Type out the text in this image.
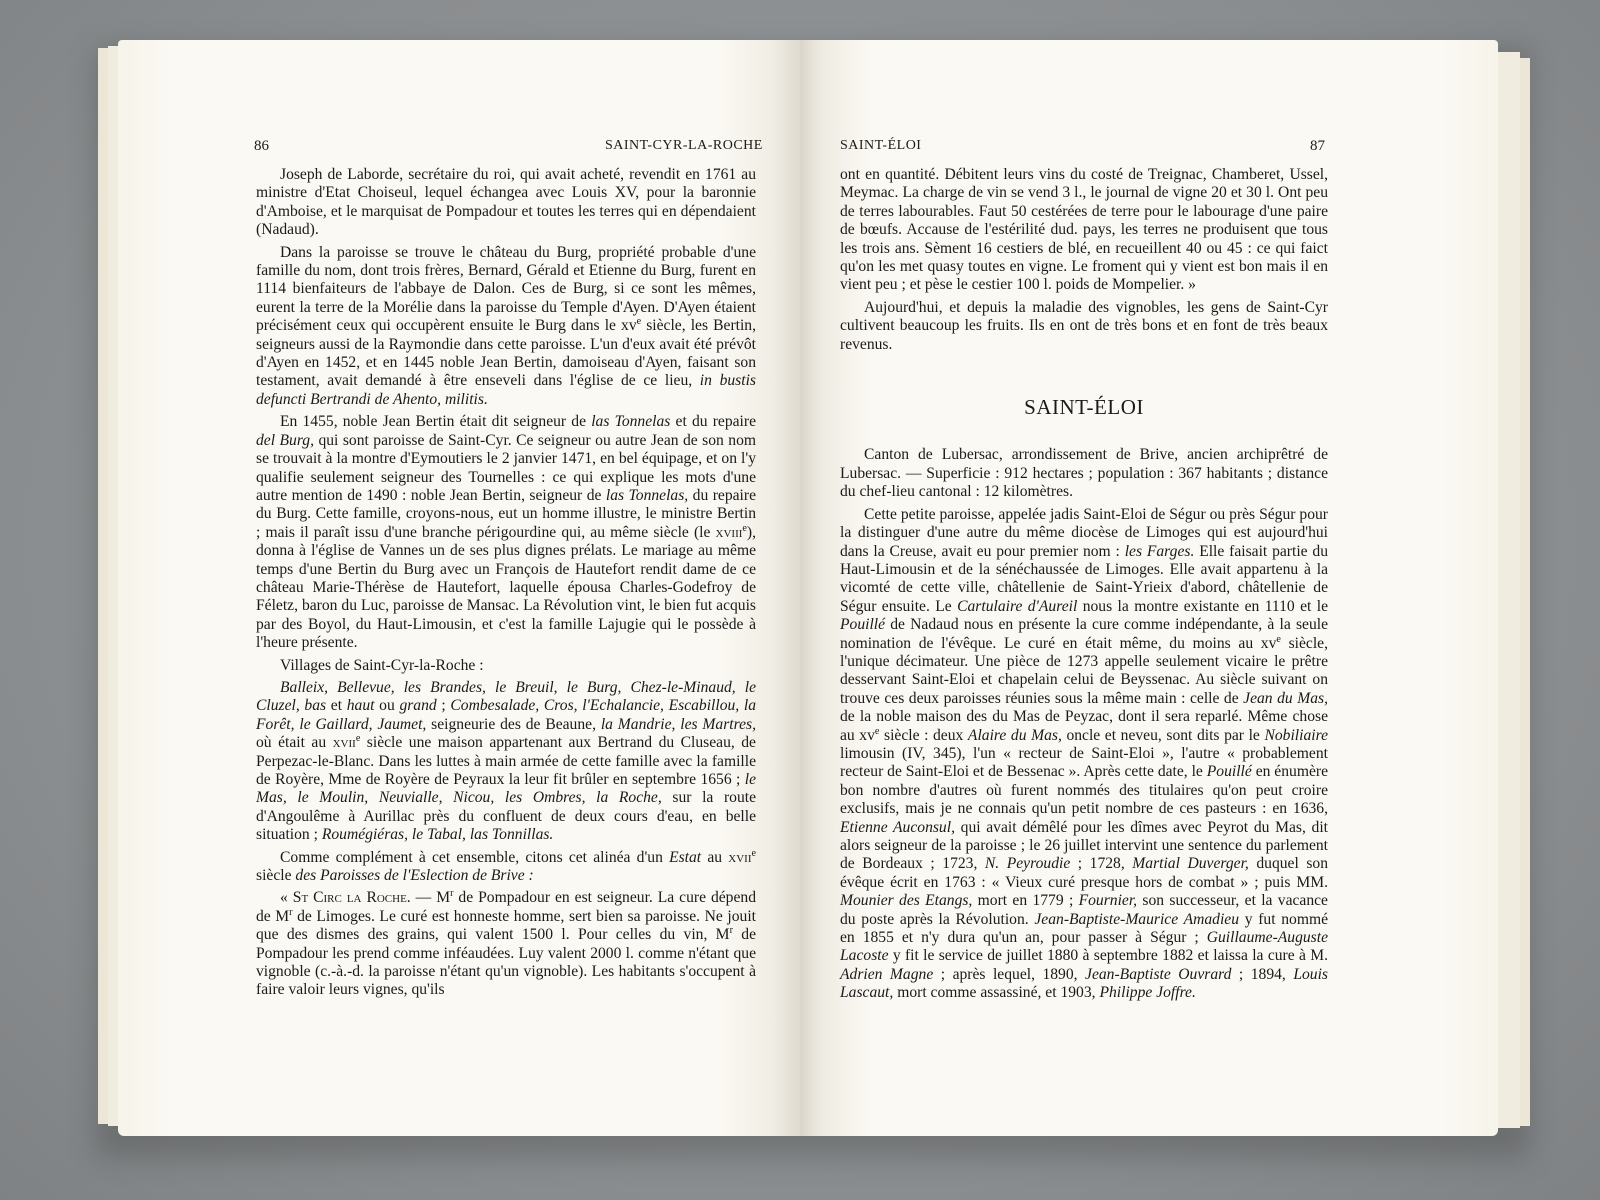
86	SAINT-CYR-LA-ROCHE

Joseph de Laborde, secrétaire du roi, qui avait acheté, revendit en 1761 au ministre d'Etat Choiseul, lequel échangea avec Louis XV, pour la baronnie d'Amboise, et le marquisat de Pompadour et toutes les terres qui en dépendaient (Nadaud).

Dans la paroisse se trouve le château du Burg, propriété probable d'une famille du nom, dont trois frères, Bernard, Gérald et Etienne du Burg, furent en 1114 bienfaiteurs de l'abbaye de Dalon. Ces de Burg, si ce sont les mêmes, eurent la terre de la Morélie dans la paroisse du Temple d'Ayen. D'Ayen étaient précisément ceux qui occupèrent ensuite le Burg dans le $xv^e$ siècle, les Bertin, seigneurs aussi de la Raymondie dans cette paroisse. L'un d'eux avait été prévôt d'Ayen en 1452, et en 1445 noble Jean Bertin, damoiseau d'Ayen, faisant son testament, avait demandé à être enseveli dans l'église de ce lieu, in bustis defuncti Bertrandi de Ahento, militis.

En 1455, noble Jean Bertin était dit seigneur de las Tonnelas et du repaire del Burg, qui sont paroisse de Saint-Cyr. Ce seigneur ou autre Jean de son nom se trouvait à la montre d'Eymoutiers le 2 janvier 1471, en bel équipage, et on l'y qualifie seulement seigneur des Tournelles : ce qui explique les mots d'une autre mention de 1490 : noble Jean Bertin, seigneur de las Tonnelas, du repaire du Burg. Cette famille, croyons-nous, eut un homme illustre, le ministre Bertin ; mais il paraît issu d'une branche périgourdine qui, au même siècle (le xviii$^e$), donna à l'église de Vannes un de ses plus dignes prélats. Le mariage au même temps d'une Bertin du Burg avec un François de Hautefort rendit dame de ce château Marie-Thérèse de Hautefort, laquelle épousa Charles-Godefroy de Féletz, baron du Luc, paroisse de Mansac. La Révolution vint, le bien fut acquis par des Boyol, du Haut-Limousin, et c'est la famille Lajugie qui le possède à l'heure présente.

Villages de Saint-Cyr-la-Roche :

Balleix, Bellevue, les Brandes, le Breuil, le Burg, Chez-le-Minaud, le Cluzel, bas et haut ou grand ; Combesalade, Cros, l'Echalancie, Escabillou, la Forêt, le Gaillard, Jaumet, seigneurie des de Beaune, la Mandrie, les Martres, où était au xvii$^e$ siècle une maison appartenant aux Bertrand du Cluseau, de Perpezac-le-Blanc. Dans les luttes à main armée de cette famille avec la famille de Royère, Mme de Royère de Peyraux la leur fit brûler en septembre 1656 ; le Mas, le Moulin, Neuvialle, Nicou, les Ombres, la Roche, sur la route d'Angoulême à Aurillac près du confluent de deux cours d'eau, en belle situation ; Roumégiéras, le Tabal, las Tonnillas.

Comme complément à cet ensemble, citons cet alinéa d'un Estat au xvii$^e$ siècle des Paroisses de l'Eslection de Brive :

« St Circ la Roche. — $M^r$ de Pompadour en est seigneur. La cure dépend de $M^r$ de Limoges. Le curé est honneste homme, sert bien sa paroisse. Ne jouit que des dismes des grains, qui valent 1500 l. Pour celles du vin, $M^r$ de Pompadour les prend comme inféaudées. Luy valent 2000 l. comme n'étant que vignoble (c.-à.-d. la paroisse n'étant qu'un vignoble). Les habitants s'occupent à faire valoir leurs vignes, qu'ils

SAINT-ÉLOI	87

ont en quantité. Débitent leurs vins du costé de Treignac, Chamberet, Ussel, Meymac. La charge de vin se vend 3 l., le journal de vigne 20 et 30 l. Ont peu de terres labourables. Faut 50 cestérées de terre pour le labourage d'une paire de bœufs. Accause de l'estérilité dud. pays, les terres ne produisent que tous les trois ans. Sèment 16 cestiers de blé, en recueillent 40 ou 45 : ce qui faict qu'on les met quasy toutes en vigne. Le froment qui y vient est bon mais il en vient peu ; et pèse le cestier 100 l. poids de Mompelier. »

Aujourd'hui, et depuis la maladie des vignobles, les gens de Saint-Cyr cultivent beaucoup les fruits. Ils en ont de très bons et en font de très beaux revenus.

SAINT-ÉLOI

Canton de Lubersac, arrondissement de Brive, ancien archiprêtré de Lubersac. — Superficie : 912 hectares ; population : 367 habitants ; distance du chef-lieu cantonal : 12 kilomètres.

Cette petite paroisse, appelée jadis Saint-Eloi de Ségur ou près Ségur pour la distinguer d'une autre du même diocèse de Limoges qui est aujourd'hui dans la Creuse, avait eu pour premier nom : les Farges. Elle faisait partie du Haut-Limousin et de la sénéchaussée de Limoges. Elle avait appartenu à la vicomté de cette ville, châtellenie de Saint-Yrieix d'abord, châtellenie de Ségur ensuite. Le Cartulaire d'Aureil nous la montre existante en 1110 et le Pouillé de Nadaud nous en présente la cure comme indépendante, à la seule nomination de l'évêque. Le curé en était même, du moins au $xv^e$ siècle, l'unique décimateur. Une pièce de 1273 appelle seulement vicaire le prêtre desservant Saint-Eloi et chapelain celui de Beyssenac. Au siècle suivant on trouve ces deux paroisses réunies sous la même main : celle de Jean du Mas, de la noble maison des du Mas de Peyzac, dont il sera reparlé. Même chose au $xv^e$ siècle : deux Alaire du Mas, oncle et neveu, sont dits par le Nobiliaire limousin (IV, 345), l'un « recteur de Saint-Eloi », l'autre « probablement recteur de Saint-Eloi et de Bessenac ». Après cette date, le Pouillé en énumère bon nombre d'autres où furent nommés des titulaires qu'on peut croire exclusifs, mais je ne connais qu'un petit nombre de ces pasteurs : en 1636, Etienne Auconsul, qui avait démêlé pour les dîmes avec Peyrot du Mas, dit alors seigneur de la paroisse ; le 26 juillet intervint une sentence du parlement de Bordeaux ; 1723, N. Peyroudie ; 1728, Martial Duverger, duquel son évêque écrit en 1763 : « Vieux curé presque hors de combat » ; puis MM. Mounier des Etangs, mort en 1779 ; Fournier, son successeur, et la vacance du poste après la Révolution. Jean-Baptiste-Maurice Amadieu y fut nommé en 1855 et n'y dura qu'un an, pour passer à Ségur ; Guillaume-Auguste Lacoste y fit le service de juillet 1880 à septembre 1882 et laissa la cure à M. Adrien Magne ; après lequel, 1890, Jean-Baptiste Ouvrard ; 1894, Louis Lascaut, mort comme assassiné, et 1903, Philippe Joffre.
